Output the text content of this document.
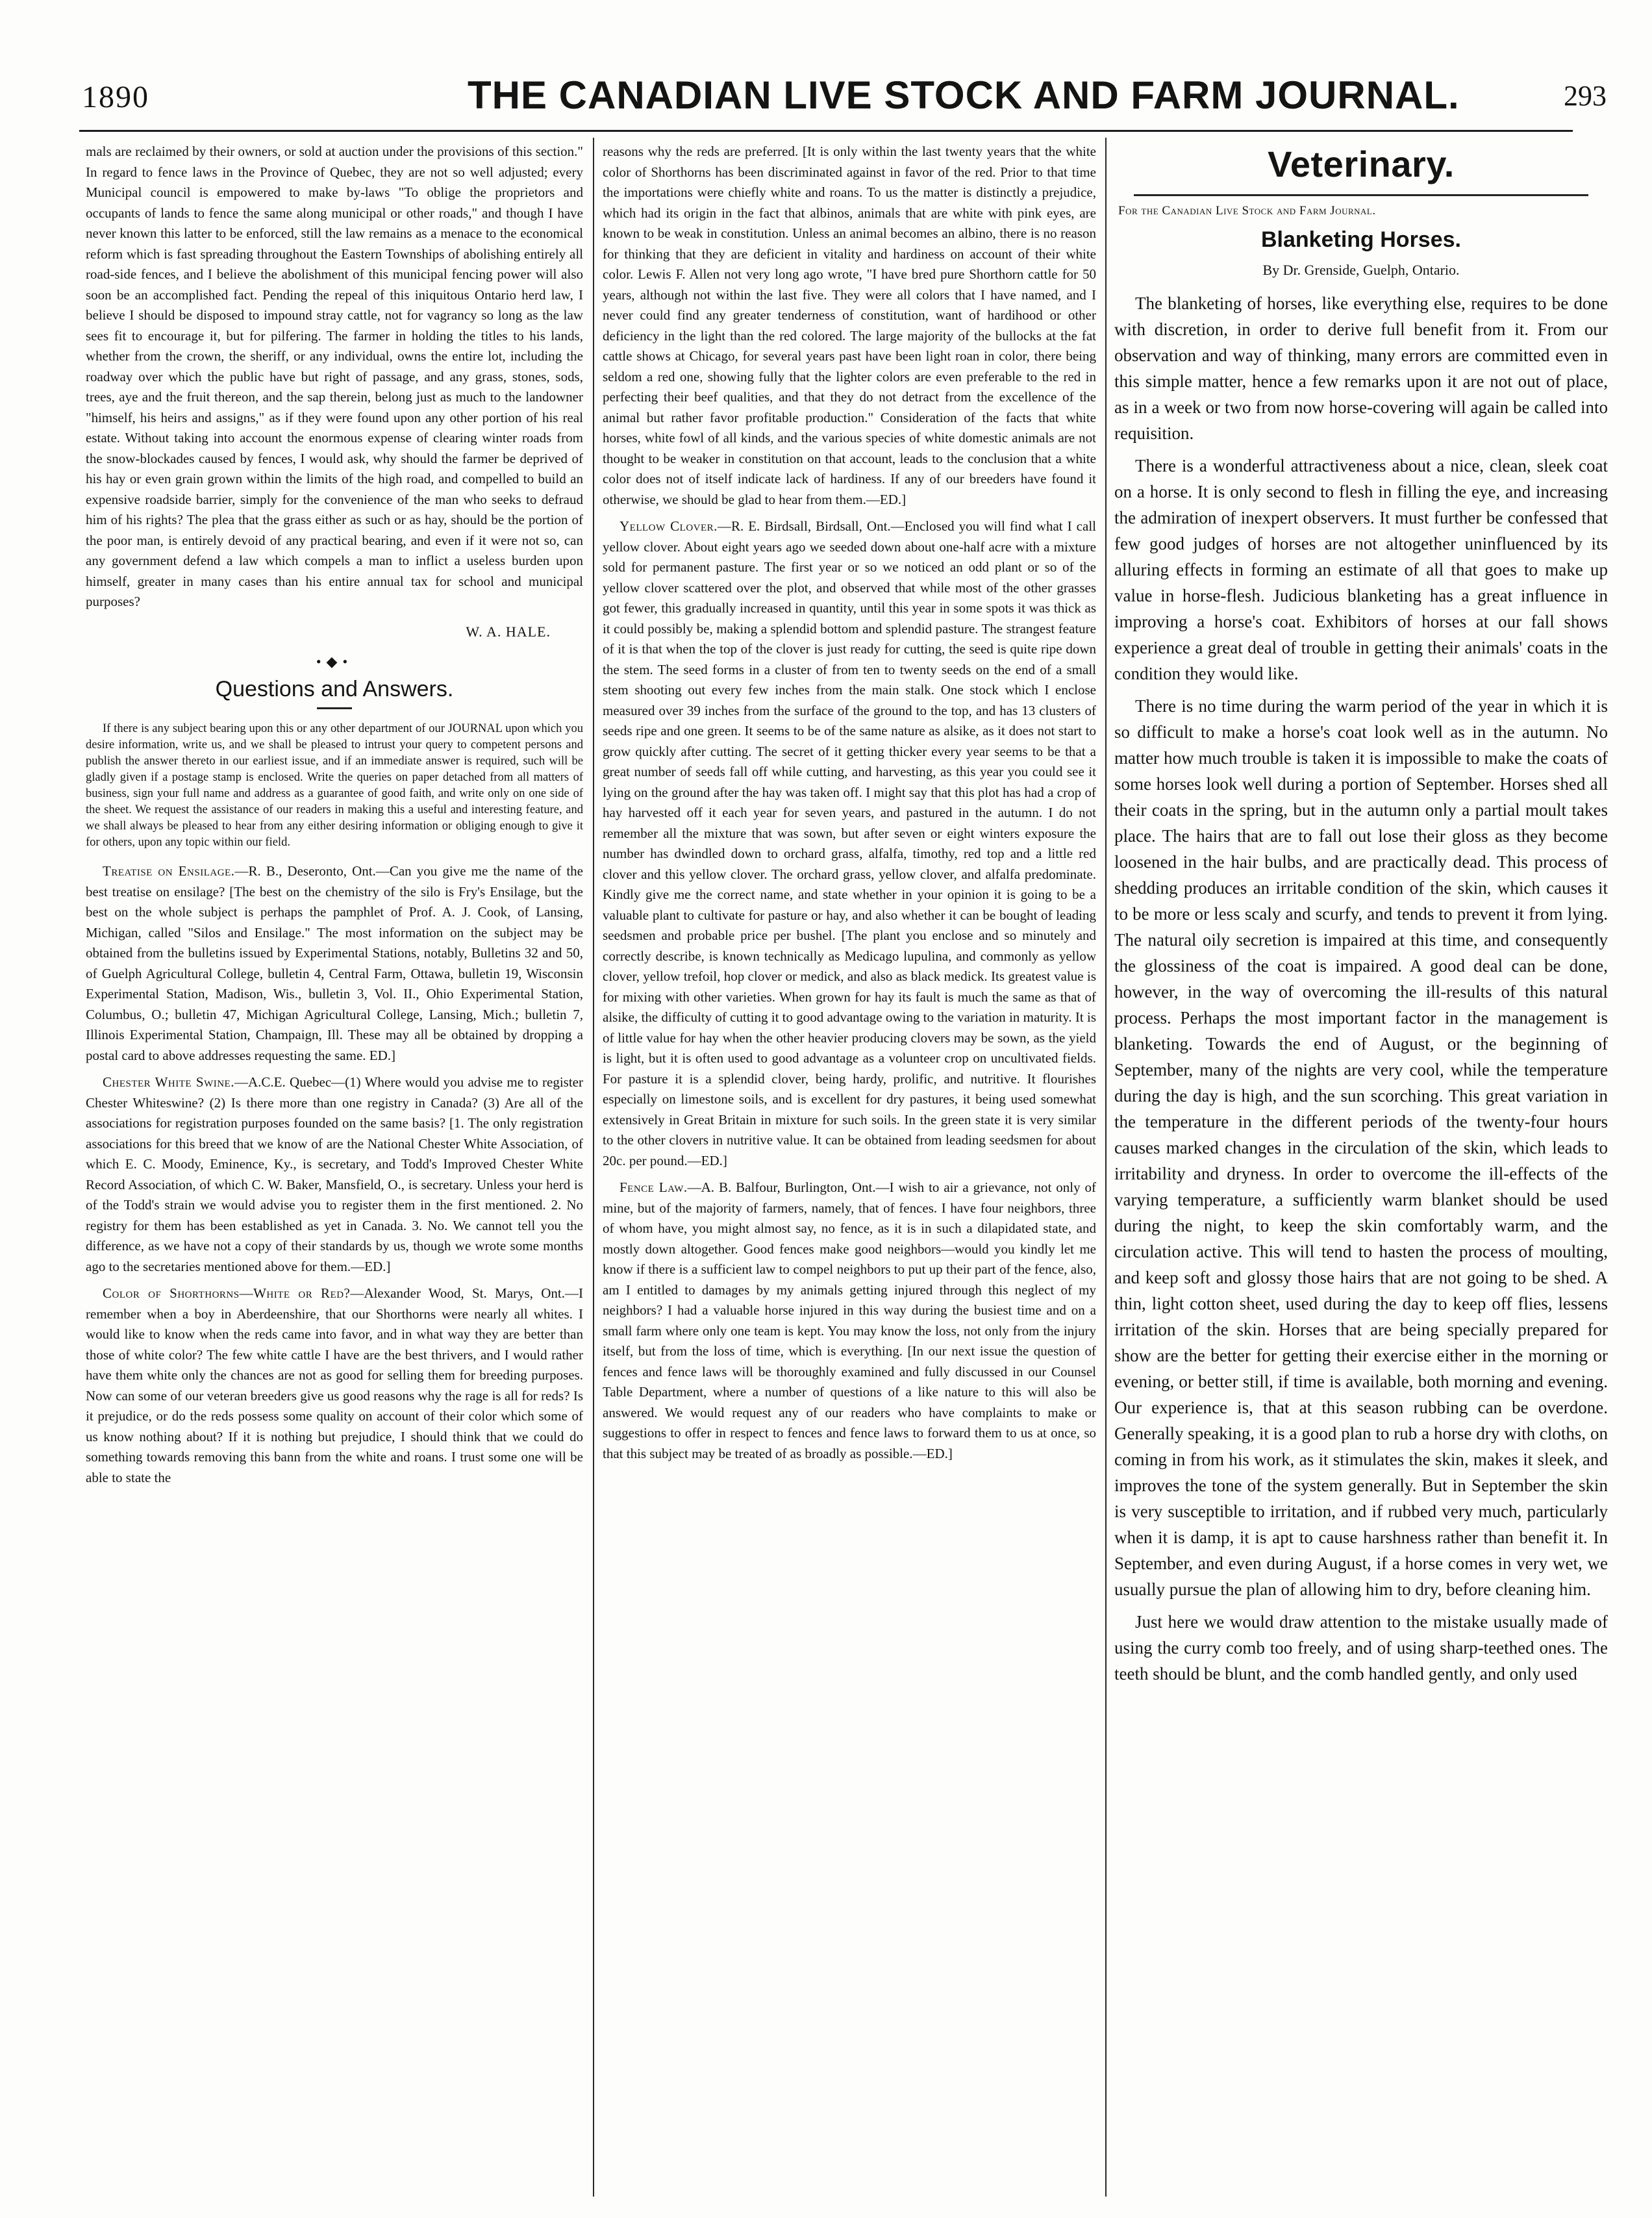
1890	THE CANADIAN LIVE STOCK AND FARM JOURNAL.	293

mals are reclaimed by their owners, or sold at auction under the provisions of this section." In regard to fence laws in the Province of Quebec, they are not so well adjusted; every Municipal council is empowered to make by-laws "To oblige the proprietors and occupants of lands to fence the same along municipal or other roads," and though I have never known this latter to be enforced, still the law remains as a menace to the economical reform which is fast spreading throughout the Eastern Townships of abolishing entirely all road-side fences, and I believe the abolishment of this municipal fencing power will also soon be an accomplished fact. Pending the repeal of this iniquitous Ontario herd law, I believe I should be disposed to impound stray cattle, not for vagrancy so long as the law sees fit to encourage it, but for pilfering. The farmer in holding the titles to his lands, whether from the crown, the sheriff, or any individual, owns the entire lot, including the roadway over which the public have but right of passage, and any grass, stones, sods, trees, aye and the fruit thereon, and the sap therein, belong just as much to the landowner "himself, his heirs and assigns," as if they were found upon any other portion of his real estate. Without taking into account the enormous expense of clearing winter roads from the snow-blockades caused by fences, I would ask, why should the farmer be deprived of his hay or even grain grown within the limits of the high road, and compelled to build an expensive roadside barrier, simply for the convenience of the man who seeks to defraud him of his rights? The plea that the grass either as such or as hay, should be the portion of the poor man, is entirely devoid of any practical bearing, and even if it were not so, can any government defend a law which compels a man to inflict a useless burden upon himself, greater in many cases than his entire annual tax for school and municipal purposes?

W. A. HALE.

•◆•
Questions and Answers.

If there is any subject bearing upon this or any other department of our JOURNAL upon which you desire information, write us, and we shall be pleased to intrust your query to competent persons and publish the answer thereto in our earliest issue, and if an immediate answer is required, such will be gladly given if a postage stamp is enclosed. Write the queries on paper detached from all matters of business, sign your full name and address as a guarantee of good faith, and write only on one side of the sheet. We request the assistance of our readers in making this a useful and interesting feature, and we shall always be pleased to hear from any either desiring information or obliging enough to give it for others, upon any topic within our field.

Treatise on Ensilage.—R. B., Deseronto, Ont.—Can you give me the name of the best treatise on ensilage? [The best on the chemistry of the silo is Fry's Ensilage, but the best on the whole subject is perhaps the pamphlet of Prof. A. J. Cook, of Lansing, Michigan, called "Silos and Ensilage." The most information on the subject may be obtained from the bulletins issued by Experimental Stations, notably, Bulletins 32 and 50, of Guelph Agricultural College, bulletin 4, Central Farm, Ottawa, bulletin 19, Wisconsin Experimental Station, Madison, Wis., bulletin 3, Vol. II., Ohio Experimental Station, Columbus, O.; bulletin 47, Michigan Agricultural College, Lansing, Mich.; bulletin 7, Illinois Experimental Station, Champaign, Ill. These may all be obtained by dropping a postal card to above addresses requesting the same. ED.]

Chester White Swine.—A.C.E. Quebec—(1) Where would you advise me to register Chester Whiteswine? (2) Is there more than one registry in Canada? (3) Are all of the associations for registration purposes founded on the same basis? [1. The only registration associations for this breed that we know of are the National Chester White Association, of which E. C. Moody, Eminence, Ky., is secretary, and Todd's Improved Chester White Record Association, of which C. W. Baker, Mansfield, O., is secretary. Unless your herd is of the Todd's strain we would advise you to register them in the first mentioned. 2. No registry for them has been established as yet in Canada. 3. No. We cannot tell you the difference, as we have not a copy of their standards by us, though we wrote some months ago to the secretaries mentioned above for them.—ED.]

Color of Shorthorns—White or Red?—Alexander Wood, St. Marys, Ont.—I remember when a boy in Aberdeenshire, that our Shorthorns were nearly all whites. I would like to know when the reds came into favor, and in what way they are better than those of white color? The few white cattle I have are the best thrivers, and I would rather have them white only the chances are not as good for selling them for breeding purposes. Now can some of our veteran breeders give us good reasons why the rage is all for reds? Is it prejudice, or do the reds possess some quality on account of their color which some of us know nothing about? If it is nothing but prejudice, I should think that we could do something towards removing this bann from the white and roans. I trust some one will be able to state the

reasons why the reds are preferred. [It is only within the last twenty years that the white color of Shorthorns has been discriminated against in favor of the red. Prior to that time the importations were chiefly white and roans. To us the matter is distinctly a prejudice, which had its origin in the fact that albinos, animals that are white with pink eyes, are known to be weak in constitution. Unless an animal becomes an albino, there is no reason for thinking that they are deficient in vitality and hardiness on account of their white color. Lewis F. Allen not very long ago wrote, "I have bred pure Shorthorn cattle for 50 years, although not within the last five. They were all colors that I have named, and I never could find any greater tenderness of constitution, want of hardihood or other deficiency in the light than the red colored. The large majority of the bullocks at the fat cattle shows at Chicago, for several years past have been light roan in color, there being seldom a red one, showing fully that the lighter colors are even preferable to the red in perfecting their beef qualities, and that they do not detract from the excellence of the animal but rather favor profitable production." Consideration of the facts that white horses, white fowl of all kinds, and the various species of white domestic animals are not thought to be weaker in constitution on that account, leads to the conclusion that a white color does not of itself indicate lack of hardiness. If any of our breeders have found it otherwise, we should be glad to hear from them.—ED.]

Yellow Clover.—R. E. Birdsall, Birdsall, Ont.—Enclosed you will find what I call yellow clover. About eight years ago we seeded down about one-half acre with a mixture sold for permanent pasture. The first year or so we noticed an odd plant or so of the yellow clover scattered over the plot, and observed that while most of the other grasses got fewer, this gradually increased in quantity, until this year in some spots it was thick as it could possibly be, making a splendid bottom and splendid pasture. The strangest feature of it is that when the top of the clover is just ready for cutting, the seed is quite ripe down the stem. The seed forms in a cluster of from ten to twenty seeds on the end of a small stem shooting out every few inches from the main stalk. One stock which I enclose measured over 39 inches from the surface of the ground to the top, and has 13 clusters of seeds ripe and one green. It seems to be of the same nature as alsike, as it does not start to grow quickly after cutting. The secret of it getting thicker every year seems to be that a great number of seeds fall off while cutting, and harvesting, as this year you could see it lying on the ground after the hay was taken off. I might say that this plot has had a crop of hay harvested off it each year for seven years, and pastured in the autumn. I do not remember all the mixture that was sown, but after seven or eight winters exposure the number has dwindled down to orchard grass, alfalfa, timothy, red top and a little red clover and this yellow clover. The orchard grass, yellow clover, and alfalfa predominate. Kindly give me the correct name, and state whether in your opinion it is going to be a valuable plant to cultivate for pasture or hay, and also whether it can be bought of leading seedsmen and probable price per bushel. [The plant you enclose and so minutely and correctly describe, is known technically as Medicago lupulina, and commonly as yellow clover, yellow trefoil, hop clover or medick, and also as black medick. Its greatest value is for mixing with other varieties. When grown for hay its fault is much the same as that of alsike, the difficulty of cutting it to good advantage owing to the variation in maturity. It is of little value for hay when the other heavier producing clovers may be sown, as the yield is light, but it is often used to good advantage as a volunteer crop on uncultivated fields. For pasture it is a splendid clover, being hardy, prolific, and nutritive. It flourishes especially on limestone soils, and is excellent for dry pastures, it being used somewhat extensively in Great Britain in mixture for such soils. In the green state it is very similar to the other clovers in nutritive value. It can be obtained from leading seedsmen for about 20c. per pound.—ED.]

Fence Law.—A. B. Balfour, Burlington, Ont.—I wish to air a grievance, not only of mine, but of the majority of farmers, namely, that of fences. I have four neighbors, three of whom have, you might almost say, no fence, as it is in such a dilapidated state, and mostly down altogether. Good fences make good neighbors—would you kindly let me know if there is a sufficient law to compel neighbors to put up their part of the fence, also, am I entitled to damages by my animals getting injured through this neglect of my neighbors? I had a valuable horse injured in this way during the busiest time and on a small farm where only one team is kept. You may know the loss, not only from the injury itself, but from the loss of time, which is everything. [In our next issue the question of fences and fence laws will be thoroughly examined and fully discussed in our Counsel Table Department, where a number of questions of a like nature to this will also be answered. We would request any of our readers who have complaints to make or suggestions to offer in respect to fences and fence laws to forward them to us at once, so that this subject may be treated of as broadly as possible.—ED.]

Veterinary.
For the Canadian Live Stock and Farm Journal.
Blanketing Horses.
By Dr. Grenside, Guelph, Ontario.

The blanketing of horses, like everything else, requires to be done with discretion, in order to derive full benefit from it. From our observation and way of thinking, many errors are committed even in this simple matter, hence a few remarks upon it are not out of place, as in a week or two from now horse-covering will again be called into requisition.

There is a wonderful attractiveness about a nice, clean, sleek coat on a horse. It is only second to flesh in filling the eye, and increasing the admiration of inexpert observers. It must further be confessed that few good judges of horses are not altogether uninfluenced by its alluring effects in forming an estimate of all that goes to make up value in horse-flesh. Judicious blanketing has a great influence in improving a horse's coat. Exhibitors of horses at our fall shows experience a great deal of trouble in getting their animals' coats in the condition they would like.

There is no time during the warm period of the year in which it is so difficult to make a horse's coat look well as in the autumn. No matter how much trouble is taken it is impossible to make the coats of some horses look well during a portion of September. Horses shed all their coats in the spring, but in the autumn only a partial moult takes place. The hairs that are to fall out lose their gloss as they become loosened in the hair bulbs, and are practically dead. This process of shedding produces an irritable condition of the skin, which causes it to be more or less scaly and scurfy, and tends to prevent it from lying. The natural oily secretion is impaired at this time, and consequently the glossiness of the coat is impaired. A good deal can be done, however, in the way of overcoming the ill-results of this natural process. Perhaps the most important factor in the management is blanketing. Towards the end of August, or the beginning of September, many of the nights are very cool, while the temperature during the day is high, and the sun scorching. This great variation in the temperature in the different periods of the twenty-four hours causes marked changes in the circulation of the skin, which leads to irritability and dryness. In order to overcome the ill-effects of the varying temperature, a sufficiently warm blanket should be used during the night, to keep the skin comfortably warm, and the circulation active. This will tend to hasten the process of moulting, and keep soft and glossy those hairs that are not going to be shed. A thin, light cotton sheet, used during the day to keep off flies, lessens irritation of the skin. Horses that are being specially prepared for show are the better for getting their exercise either in the morning or evening, or better still, if time is available, both morning and evening. Our experience is, that at this season rubbing can be overdone. Generally speaking, it is a good plan to rub a horse dry with cloths, on coming in from his work, as it stimulates the skin, makes it sleek, and improves the tone of the system generally. But in September the skin is very susceptible to irritation, and if rubbed very much, particularly when it is damp, it is apt to cause harshness rather than benefit it. In September, and even during August, if a horse comes in very wet, we usually pursue the plan of allowing him to dry, before cleaning him.

Just here we would draw attention to the mistake usually made of using the curry comb too freely, and of using sharp-teethed ones. The teeth should be blunt, and the comb handled gently, and only used
